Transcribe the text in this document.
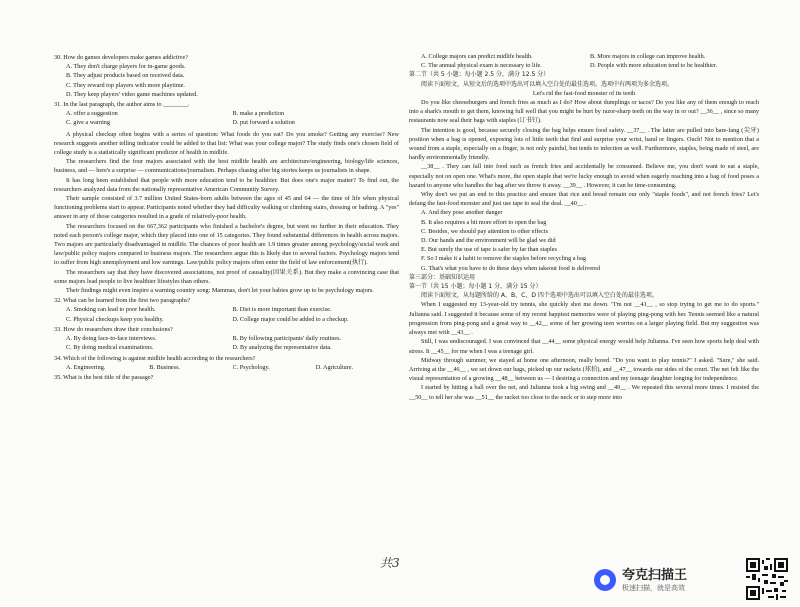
30. How do games developers make games addictive?
A. They don't charge players for in-game goods.
B. They adjust products based on received data.
C. They reward top players with more playtime.
D. They keep players' video game machines updated.
31. In the last paragraph, the author aims to ________.
A. offer a suggestion	B. make a prediction
C. give a warning	D. put forward a solution
A physical checkup often begins with a series of question: What foods do you eat? Do you smoke? Getting any exercise? New research suggests another telling indicator could be added to that list: What was your college major? The study finds one's chosen field of college study is a statistically significant predictor of health in midlife.
The researchers find the four majors associated with the best midlife health are architecture/engineering, biology/life sciences, business, and — here's a surprise — communications/journalism. Perhaps chasing after big stories keeps us journalists in shape.
It has long been established that people with more education tend to be healthier. But does one's major matter? To find out, the researchers analyzed data from the nationally representative American Community Survey.
Their sample consisted of 3.7 million United States-born adults between the ages of 45 and 64 — the time of life when physical functioning problems start to appear. Participants noted whether they had difficulty walking or climbing stairs, dressing or bathing. A "yes" answer in any of those categories resulted in a grade of relatively-poor health.
The researchers focused on the 667,362 participants who finished a bachelor's degree, but went no further in their education. They noted each person's college major, which they placed into one of 15 categories. They found substantial differences in health across majors. Two majors are particularly disadvantaged in midlife. The chances of poor health are 1.9 times greater among psychology/social work and law/public policy majors compared to business majors. The researchers argue this is likely due to several factors. Psychology majors tend to suffer from high unemployment and low earnings. Law/public policy majors often enter the field of law enforcement(执行).
The researchers say that they have discovered associations, not proof of causality(因果关系). But they make a convincing case that some majors lead people to live healthier lifestyles than others.
Their findings might even inspire a warning country song: Mammas, don't let your babies grow up to be psychology majors.
32. What can be learned from the first two paragraphs?
A. Smoking can lead to poor health.	B. Diet is more important than exercise.
C. Physical checkups keep you healthy.	D. College major could be added to a checkup.
33. How do researchers draw their conclusions?
A. By doing face-to-face interviews.	B. By following participants' daily routines.
C. By doing medical examinations.	D. By analyzing the representative data.
34. Which of the following is against midlife health according to the researchers?
A. Engineering.	B. Business.	C. Psychology.	D. Agriculture.
35. What is the best title of the passage?
A. College majors can predict midlife health.	B. More majors in college can improve health.
C. The annual physical exam is necessary to life.	D. People with more education tend to be healthier.
第二节（共 5 小题；每小题 2.5 分，满分 12.5 分）
阅读下面短文，从短文后的选项中选出可以填入空白处的最佳选项。选项中有两项为多余选项。
Let's rid the fast-food monster of its teeth
Do you like cheeseburgers and french fries as much as I do? How about dumplings or tacos? Do you like any of them enough to reach into a shark's mouth to get them, knowing full well that you might be hurt by razor-sharp teeth on the way in or out? __36__ , since so many restaurants now seal their bags with staples (订书钉).
The intention is good, because securely closing the bag helps ensure food safety. __37__ . The latter are pulled into bare-fang (尖牙) position when a bag is opened, exposing lots of little teeth that find and surprise your wrist, hand or fingers. Ouch! Not to mention that a wound from a staple, especially on a finger, is not only painful, but tends to infection as well. Furthermore, staples, being made of steel, are hardly environmentally friendly.
__38__ . They can fall into food such as french fries and accidentally be consumed. Believe me, you don't want to eat a staple, especially not on open one. What's more, the open staple that we're lucky enough to avoid when eagerly reaching into a bag of food poses a hazard to anyone who handles the bag after we throw it away. __39__ . However, it can be time-consuming.
Why don't we put an end to this practice and ensure that rice and bread remain our only "staple foods", and not french fries? Let's defang the fast-food monster and just use tape to seal the deal. __40__ .
A. And they pose another danger
B. It also requires a bit more effort to open the bag
C. Besides, we should pay attention to other effects
D. Our hands and the environment will be glad we did
E. But surely the use of tape is safer by far than staples
F. So I make it a habit to remove the staples before recycling a bag
G. That's what you have to do these days when takeout food is delivered
第三部分：基础知识运用
第一节（共 15 小题；每小题 1 分，满分 15 分）
阅读下面短文，从每题所给的 A、B、C、D 四个选项中选出可以填入空白处的最佳选项。
When I suggested my 13-year-old try tennis, she quickly shot me down. "I'm not __41__ , so stop trying to get me to do sports." Julianna said. I suggested it because some of my recent happiest memories were of playing ping-pong with her. Tennis seemed like a natural progression from ping-pong and a great way to __42__ some of her growing teen worries on a larger playing field. But my suggestion was always met with __43__ .
Still, I was undiscouraged. I was convinced that __44__ some physical energy would help Julianna. I've seen how sports help deal with stress. It __45__ for me when I was a teenage girl.
Midway through summer, we stayed at home one afternoon, really bored. "Do you want to play tennis?" I asked. "Sure," she said. Arriving at the __46__ , we set down our bags, picked up our rackets (球拍), and __47__ towards our sides of the court. The net felt like the visual representation of a growing __48__ between us — I desiring a connection and my teenage daughter longing for independence.
I started by hitting a ball over the net, and Julianna took a big swing and __49__ . We repeated this several more times. I resisted the __50__ to tell her she was __51__ the racket too close to the neck or to step more into
共3
夸克扫描王
极速扫描，就是高效
